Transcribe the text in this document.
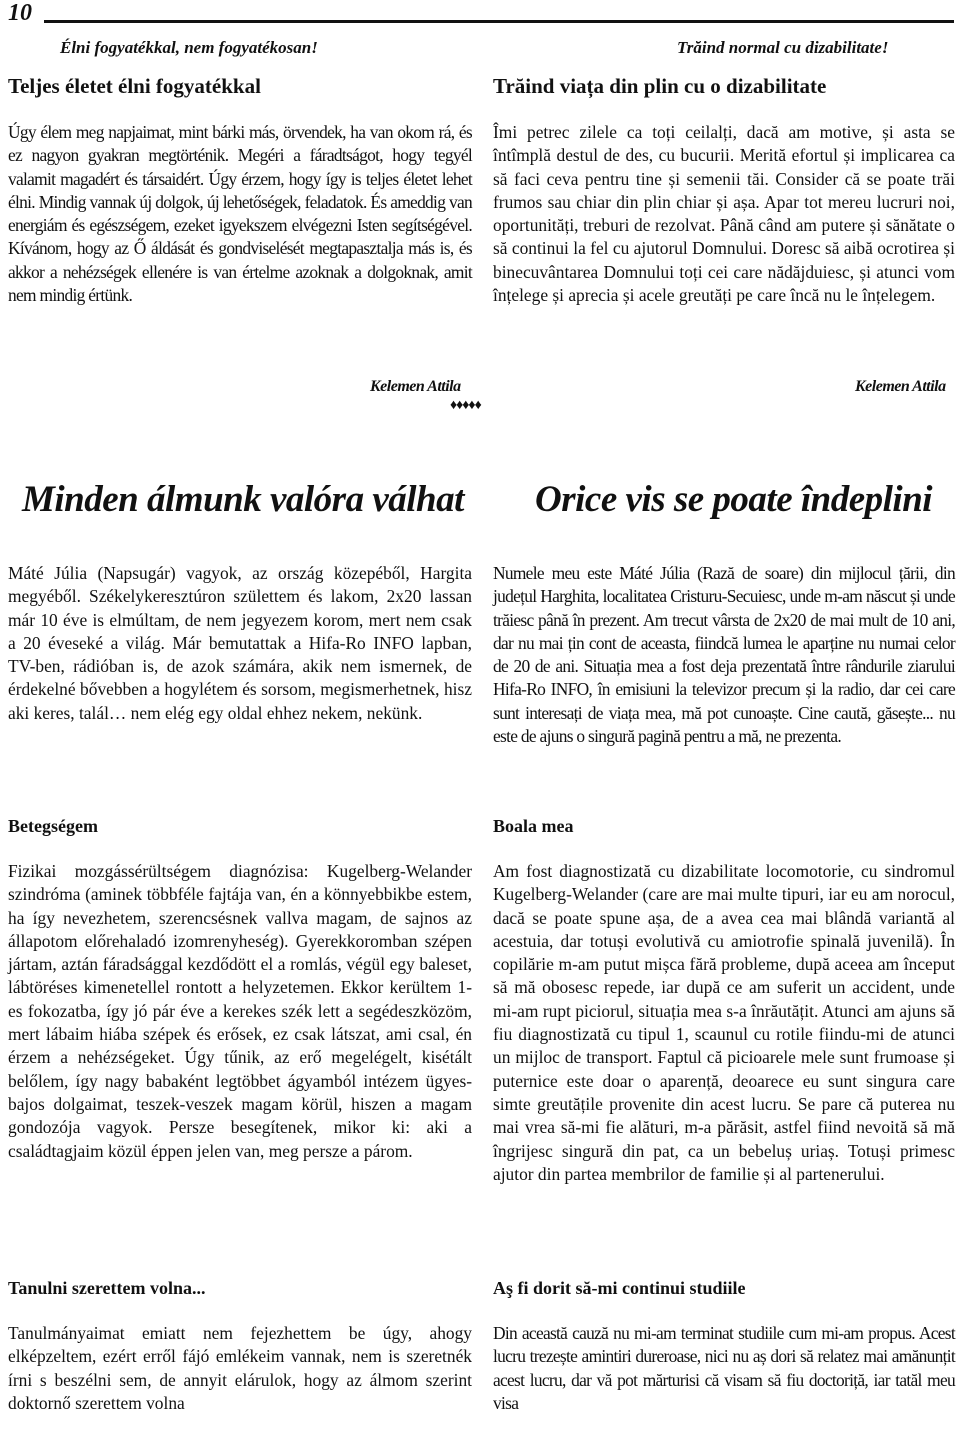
10
Élni fogyatékkal, nem fogyatékosan!	Trăind normal cu dizabilitate!
Teljes életet élni fogyatékkal	Trăind viața din plin cu o dizabilitate
Úgy élem meg napjaimat, mint bárki más, örvendek, ha van okom rá, és ez nagyon gyakran megtörténik. Megéri a fáradtságot, hogy tegyél valamit magadért és társaidért. Úgy érzem, hogy így is teljes életet lehet élni. Mindig vannak új dolgok, új lehetőségek, feladatok. És ameddig van energiám és egészségem, ezeket igyekszem elvégezni Isten segítségével. Kívánom, hogy az Ő áldását és gondviselését megtapasztalja más is, és akkor a nehézségek ellenére is van értelme azoknak a dolgoknak, amit nem mindig értünk.
Îmi petrec zilele ca toți ceilalți, dacă am motive, și asta se întîmplă destul de des, cu bucurii. Merită efortul și implicarea ca să faci ceva pentru tine și semenii tăi. Consider că se poate trăi frumos sau chiar din plin chiar și așa. Apar tot mereu lucruri noi, oportunități, treburi de rezolvat. Până când am putere și sănătate o să continui la fel cu ajutorul Domnului. Doresc să aibă ocrotirea și binecuvântarea Domnului toți cei care nădăjduiesc, și atunci vom înțelege și aprecia și acele greutăți pe care încă nu le înțelegem.
Kelemen Attila	Kelemen Attila
♦♦♦♦♦
Minden álmunk valóra válhat Orice vis se poate îndeplini
Máté Júlia (Napsugár) vagyok, az ország közepéből, Hargita megyéből. Székelykeresztúron születtem és lakom, 2x20 lassan már 10 éve is elmúltam, de nem jegyezem korom, mert nem csak a 20 éveseké a világ. Már bemutattak a Hifa-Ro INFO lapban, TV-ben, rádióban is, de azok számára, akik nem ismernek, de érdekelné bővebben a hogylétem és sorsom, megismerhetnek, hisz aki keres, talál… nem elég egy oldal ehhez nekem, nekünk.
Betegségem
Fizikai mozgássérültségem diagnózisa: Kugelberg-Welander szindróma (aminek többféle fajtája van, én a könnyebbikbe estem, ha így nevezhetem, szerencsésnek vallva magam, de sajnos az állapotom előrehaladó izomrenyheség). Gyerekkoromban szépen jártam, aztán fáradsággal kezdődött el a romlás, végül egy baleset, lábtöréses kimenetellel rontott a helyzetemen. Ekkor kerültem 1-es fokozatba, így jó pár éve a kerekes szék lett a segédeszközöm, mert lábaim hiába szépek és erősek, ez csak látszat, ami csal, én érzem a nehézségeket. Úgy tűnik, az erő megelégelt, kisétált belőlem, így nagy babaként legtöbbet ágyamból intézem ügyes-bajos dolgaimat, teszek-veszek magam körül, hiszen a magam gondozója vagyok. Persze besegítenek, mikor ki: aki a családtagjaim közül éppen jelen van, meg persze a párom.
Tanulni szerettem volna...
Tanulmányaimat emiatt nem fejezhettem be úgy, ahogy elképzeltem, ezért erről fájó emlékeim vannak, nem is szeretnék írni s beszélni sem, de annyit elárulok, hogy az álmom szerint doktornő szerettem volna
Numele meu este Máté Júlia (Rază de soare) din mijlocul țării, din județul Harghita, localitatea Cristuru-Secuiesc, unde m-am născut și unde trăiesc până în prezent. Am trecut vârsta de 2x20 de mai mult de 10 ani, dar nu mai țin cont de aceasta, fiindcă lumea le aparține nu numai celor de 20 de ani. Situația mea a fost deja prezentată între rândurile ziarului Hifa-Ro INFO, în emisiuni la televizor precum și la radio, dar cei care sunt interesați de viața mea, mă pot cunoaște. Cine caută, găsește... nu este de ajuns o singură pagină pentru a mă, ne prezenta.
Boala mea
Am fost diagnostizată cu dizabilitate locomotorie, cu sindromul Kugelberg-Welander (care are mai multe tipuri, iar eu am norocul, dacă se poate spune așa, de a avea cea mai blândă variantă al acestuia, dar totuși evolutivă cu amiotrofie spinală juvenilă). În copilărie m-am putut mișca fără probleme, după aceea am început să mă obosesc repede, iar după ce am suferit un accident, unde mi-am rupt piciorul, situația mea s-a înrăutățit. Atunci am ajuns să fiu diagnostizată cu tipul 1, scaunul cu rotile fiindu-mi de atunci un mijloc de transport. Faptul că picioarele mele sunt frumoase și puternice este doar o aparență, deoarece eu sunt singura care simte greutățile provenite din acest lucru. Se pare că puterea nu mai vrea să-mi fie alături, m-a părăsit, astfel fiind nevoită să mă îngrijesc singură din pat, ca un bebeluș uriaș. Totuși primesc ajutor din partea membrilor de familie și al partenerului.
Aş fi dorit să-mi continui studiile
Din această cauză nu mi-am terminat studiile cum mi-am propus. Acest lucru trezește amintiri dureroase, nici nu aș dori să relatez mai amănunțit acest lucru, dar vă pot mărturisi că visam să fiu doctoriță, iar tatăl meu visa
